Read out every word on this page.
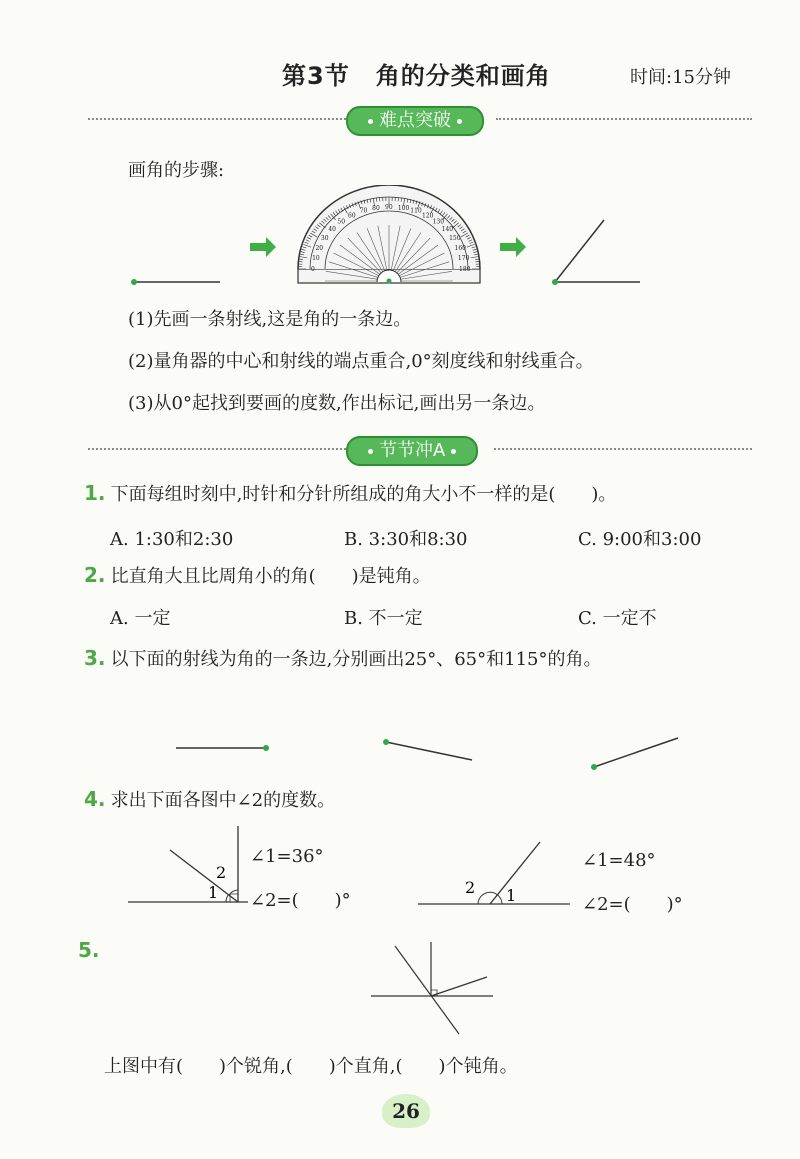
第3节 角的分类和画角	时间:15分钟
难点突破
画角的步骤:
0
10
20
30
40
50
60
70 80 90 100 110
120
130
140
150
160
170
180
(1)先画一条射线,这是角的一条边。
(2)量角器的中心和射线的端点重合,0°刻度线和射线重合。
(3)从0°起找到要画的度数,作出标记,画出另一条边。
节节冲A
1. 下面每组时刻中,时针和分针所组成的角大小不一样的是(　　)。
A. 1:30和2:30	B. 3:30和8:30	C. 9:00和3:00
2. 比直角大且比周角小的角(　　)是钝角。
A. 一定	B. 不一定	C. 一定不
3. 以下面的射线为角的一条边,分别画出25°、65°和115°的角。
4. 求出下面各图中∠2的度数。
1
2
∠1=36°
∠2=(　　)°
2 1
∠1=48°
∠2=(　　)°
5.
上图中有(　　)个锐角,(　　)个直角,(　　)个钝角。
26
